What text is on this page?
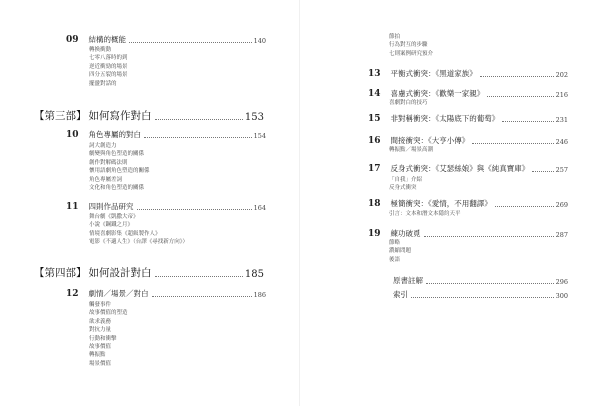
09 結構的概能	140
轉換衝動
七零八落時的到
逆近衝勁的場景
四分五裂的場景
擺盪對話的
【第三部】 如何寫作對白	153
10 角色專屬的對白	154
詞大創造力
劇變與角色塑造的關係
創作對解碼法則
懷用語劇角色塑造的關係
角色專屬差詞
文化和角色塑造的關係
11 四則作品研究	164
舞台劇《凱撒大帝》
小說《鋼鐵之月》
情境喜劇影集《超級製作人》
電影《不適人生》（台譯《尋找新方向》）
【第四部】 如何設計對白	185
12 劇情／場景／對白	186
觸發事件
故事價值的塑造
欲求義務
對抗力量
行動和衝擊
故事價值
轉振點
場景價值
節拍
行為對互的步驟
七則案例研究預介
13 平衡式衝突：《黑道家族》	202
14 喜慮式衝突：《歡樂一家親》	216
喜劇對白的技巧
15 非對稱衝突：《太陽底下的葡萄》	231
16 間接衝突：《大亨小傳》	246
轉振點／場景高潮
17 反身式衝突：《艾瑟絲娘》與《純真寶庫》	257
「自我」介紹
反身式衝突
18 極簡衝突：《愛情，不用翻譯》	269
引言：文本和潛文本隱約天平
19 練功破覓	287
節略
濃縮問題
後語
原書註解	296
索引	300
